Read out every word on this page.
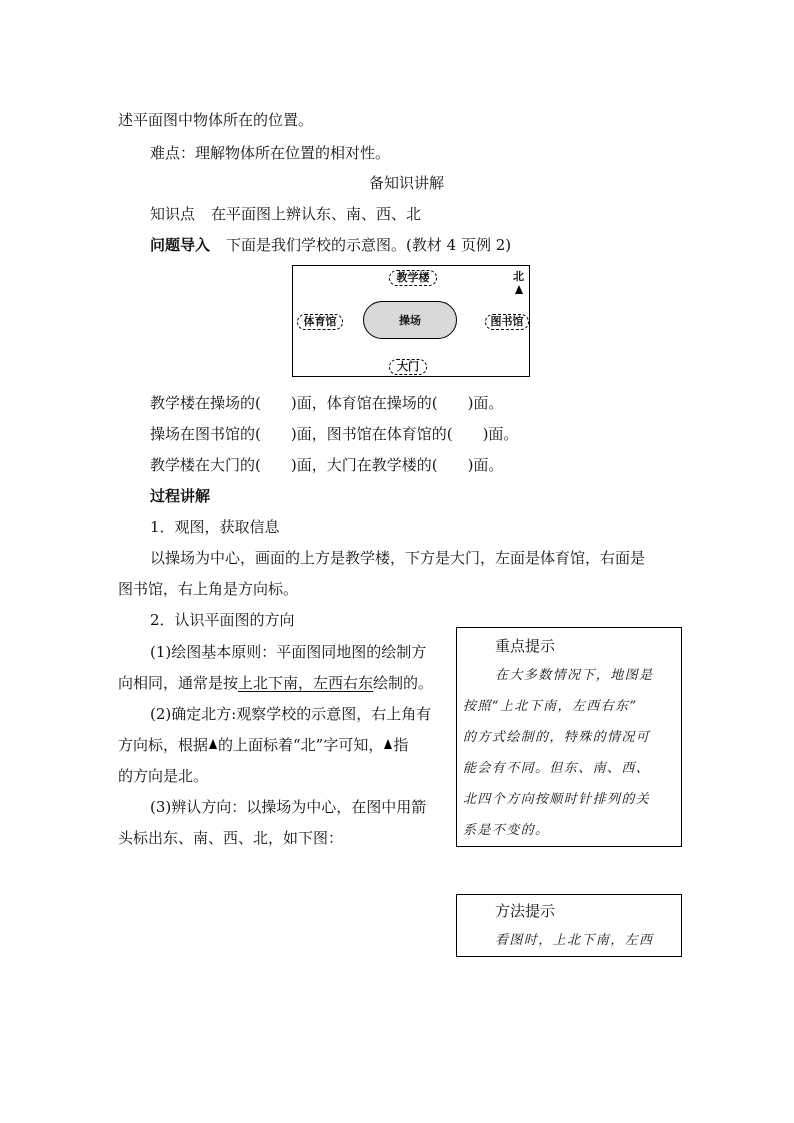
述平面图中物体所在的位置。
难点：理解物体所在位置的相对性。
备知识讲解
知识点 在平面图上辨认东、南、西、北
问题导入 下面是我们学校的示意图。(教材 4 页例 2)
教学楼
体育馆	操场	图书馆
大门
北
教学楼在操场的( )面，体育馆在操场的( )面。
操场在图书馆的( )面，图书馆在体育馆的( )面。
教学楼在大门的( )面，大门在教学楼的( )面。
过程讲解
1．观图，获取信息
以操场为中心，画面的上方是教学楼，下方是大门，左面是体育馆，右面是
图书馆，右上角是方向标。
2．认识平面图的方向
(1)绘图基本原则：平面图同地图的绘制方
向相同，通常是按上北下南，左西右东绘制的。
(2)确定北方:观察学校的示意图，右上角有
方向标，根据 的上面标着“北”字可知， 指
的方向是北。
(3)辨认方向：以操场为中心，在图中用箭
头标出东、南、西、北，如下图：
重点提示
在大多数情况下，地图是
按照“上北下南，左西右东”
的方式绘制的，特殊的情况可
能会有不同。但东、南、西、
北四个方向按顺时针排列的关
系是不变的。
方法提示
看图时，上北下南，左西
